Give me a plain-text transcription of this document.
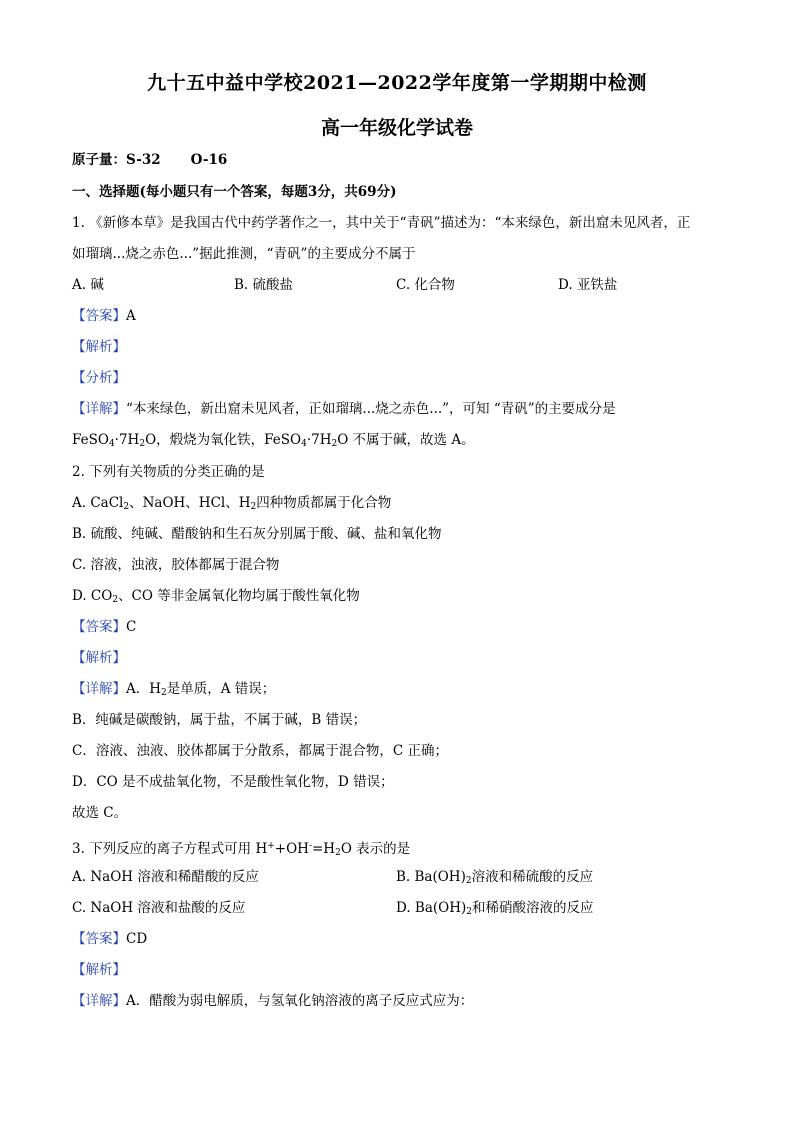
九十五中益中学校2021—2022学年度第一学期期中检测
高一年级化学试卷
原子量：S-32 O-16
一、选择题(每小题只有一个答案，每题3分，共69分)
1. 《新修本草》是我国古代中药学著作之一，其中关于“青矾”描述为：“本来绿色，新出窟未见风者，正
如瑠璃...烧之赤色...”据此推测，“青矾”的主要成分不属于
A. 碱	B. 硫酸盐	C. 化合物	D. 亚铁盐
【答案】A
【解析】
【分析】
【详解】“本来绿色，新出窟未见风者，正如瑠璃...烧之赤色...”，可知 “青矾”的主要成分是
$FeSO_4\cdot 7H_2O$，煅烧为氧化铁，$FeSO_4\cdot 7H_2O$ 不属于碱，故选 A。
2. 下列有关物质的分类正确的是
A. CaCl$_2$、NaOH、HCl、$H_2$四种物质都属于化合物
B. 硫酸、纯碱、醋酸钠和生石灰分别属于酸、碱、盐和氧化物
C. 溶液，浊液，胶体都属于混合物
D. $CO_2$、CO 等非金属氧化物均属于酸性氧化物
【答案】C
【解析】
【详解】A．$H_2$是单质，A 错误；
B．纯碱是碳酸钠，属于盐，不属于碱，B 错误；
C．溶液、浊液、胶体都属于分散系，都属于混合物，C 正确；
D．CO 是不成盐氧化物，不是酸性氧化物，D 错误；
故选 C。
3. 下列反应的离子方程式可用 $H^++OH^-=H_2O$ 表示的是
A. NaOH 溶液和稀醋酸的反应	B. $Ba(OH)_2$溶液和稀硫酸的反应
C. NaOH 溶液和盐酸的反应	D. $Ba(OH)_2$和稀硝酸溶液的反应
【答案】CD
【解析】
【详解】A．醋酸为弱电解质，与氢氧化钠溶液的离子反应式应为：
